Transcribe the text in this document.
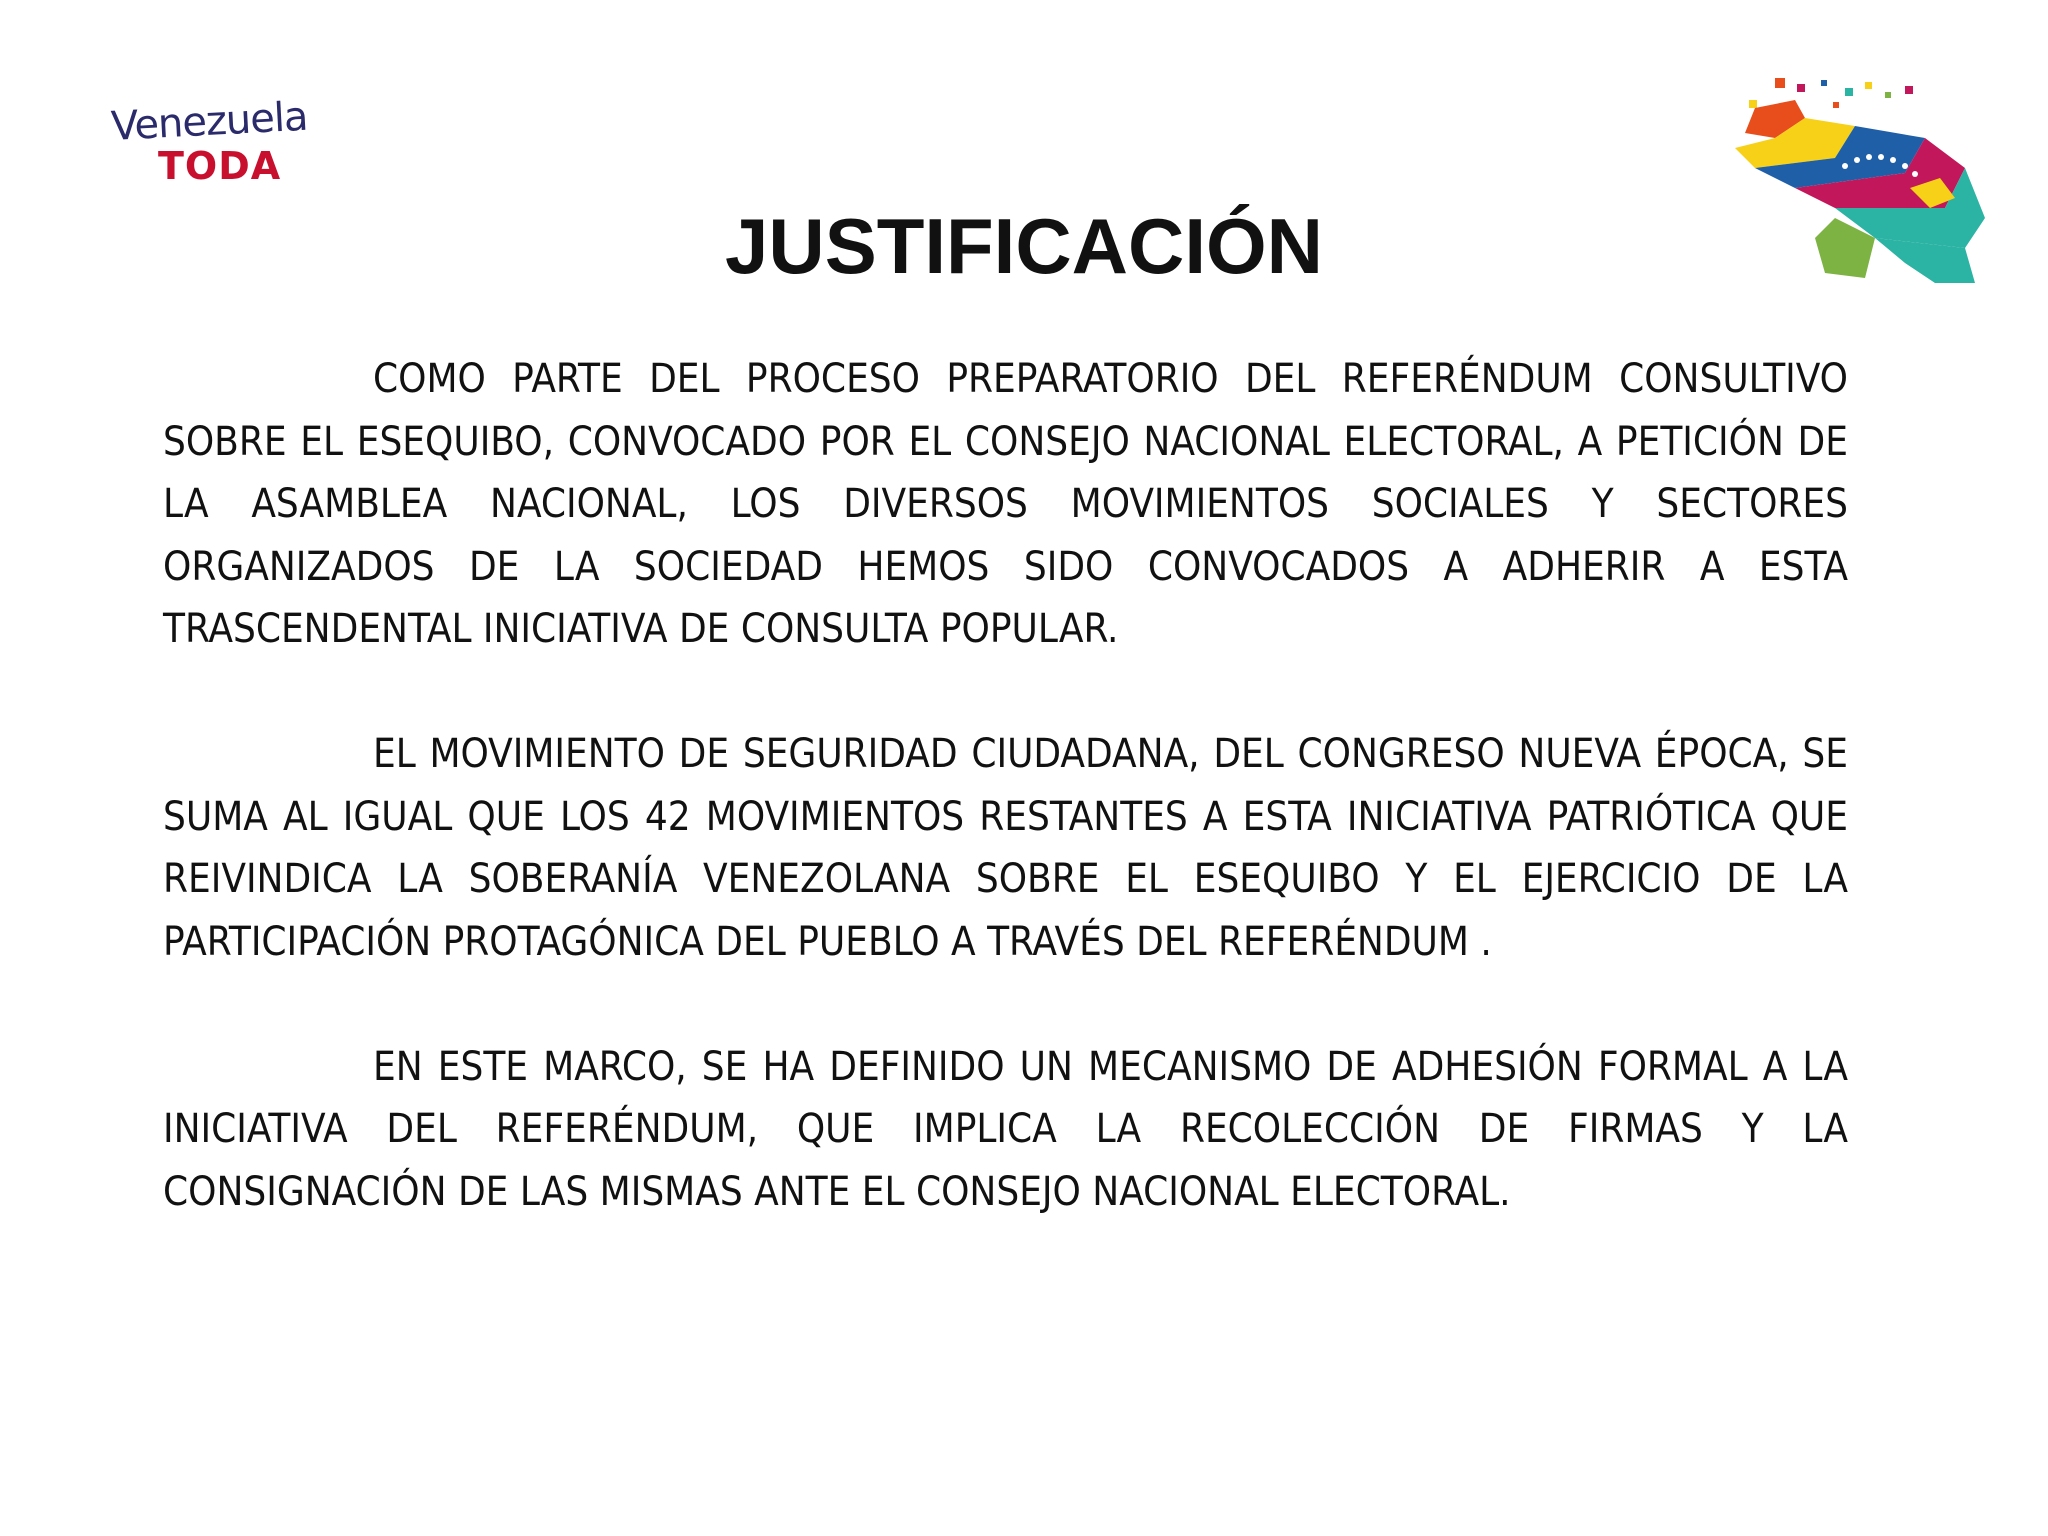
Venezuela
TODA
JUSTIFICACIÓN

COMO PARTE DEL PROCESO PREPARATORIO DEL REFERÉNDUM CONSULTIVO SOBRE EL ESEQUIBO, CONVOCADO POR EL CONSEJO NACIONAL ELECTORAL, A PETICIÓN DE LA ASAMBLEA NACIONAL, LOS DIVERSOS MOVIMIENTOS SOCIALES Y SECTORES ORGANIZADOS DE LA SOCIEDAD HEMOS SIDO CONVOCADOS A ADHERIR A ESTA TRASCENDENTAL INICIATIVA DE CONSULTA POPULAR.

EL MOVIMIENTO DE SEGURIDAD CIUDADANA, DEL CONGRESO NUEVA ÉPOCA, SE SUMA AL IGUAL QUE LOS 42 MOVIMIENTOS RESTANTES A ESTA INICIATIVA PATRIÓTICA QUE REIVINDICA LA SOBERANÍA VENEZOLANA SOBRE EL ESEQUIBO Y EL EJERCICIO DE LA PARTICIPACIÓN PROTAGÓNICA DEL PUEBLO A TRAVÉS DEL REFERÉNDUM .

EN ESTE MARCO, SE HA DEFINIDO UN MECANISMO DE ADHESIÓN FORMAL A LA INICIATIVA DEL REFERÉNDUM, QUE IMPLICA LA RECOLECCIÓN DE FIRMAS Y LA CONSIGNACIÓN DE LAS MISMAS ANTE EL CONSEJO NACIONAL ELECTORAL.
